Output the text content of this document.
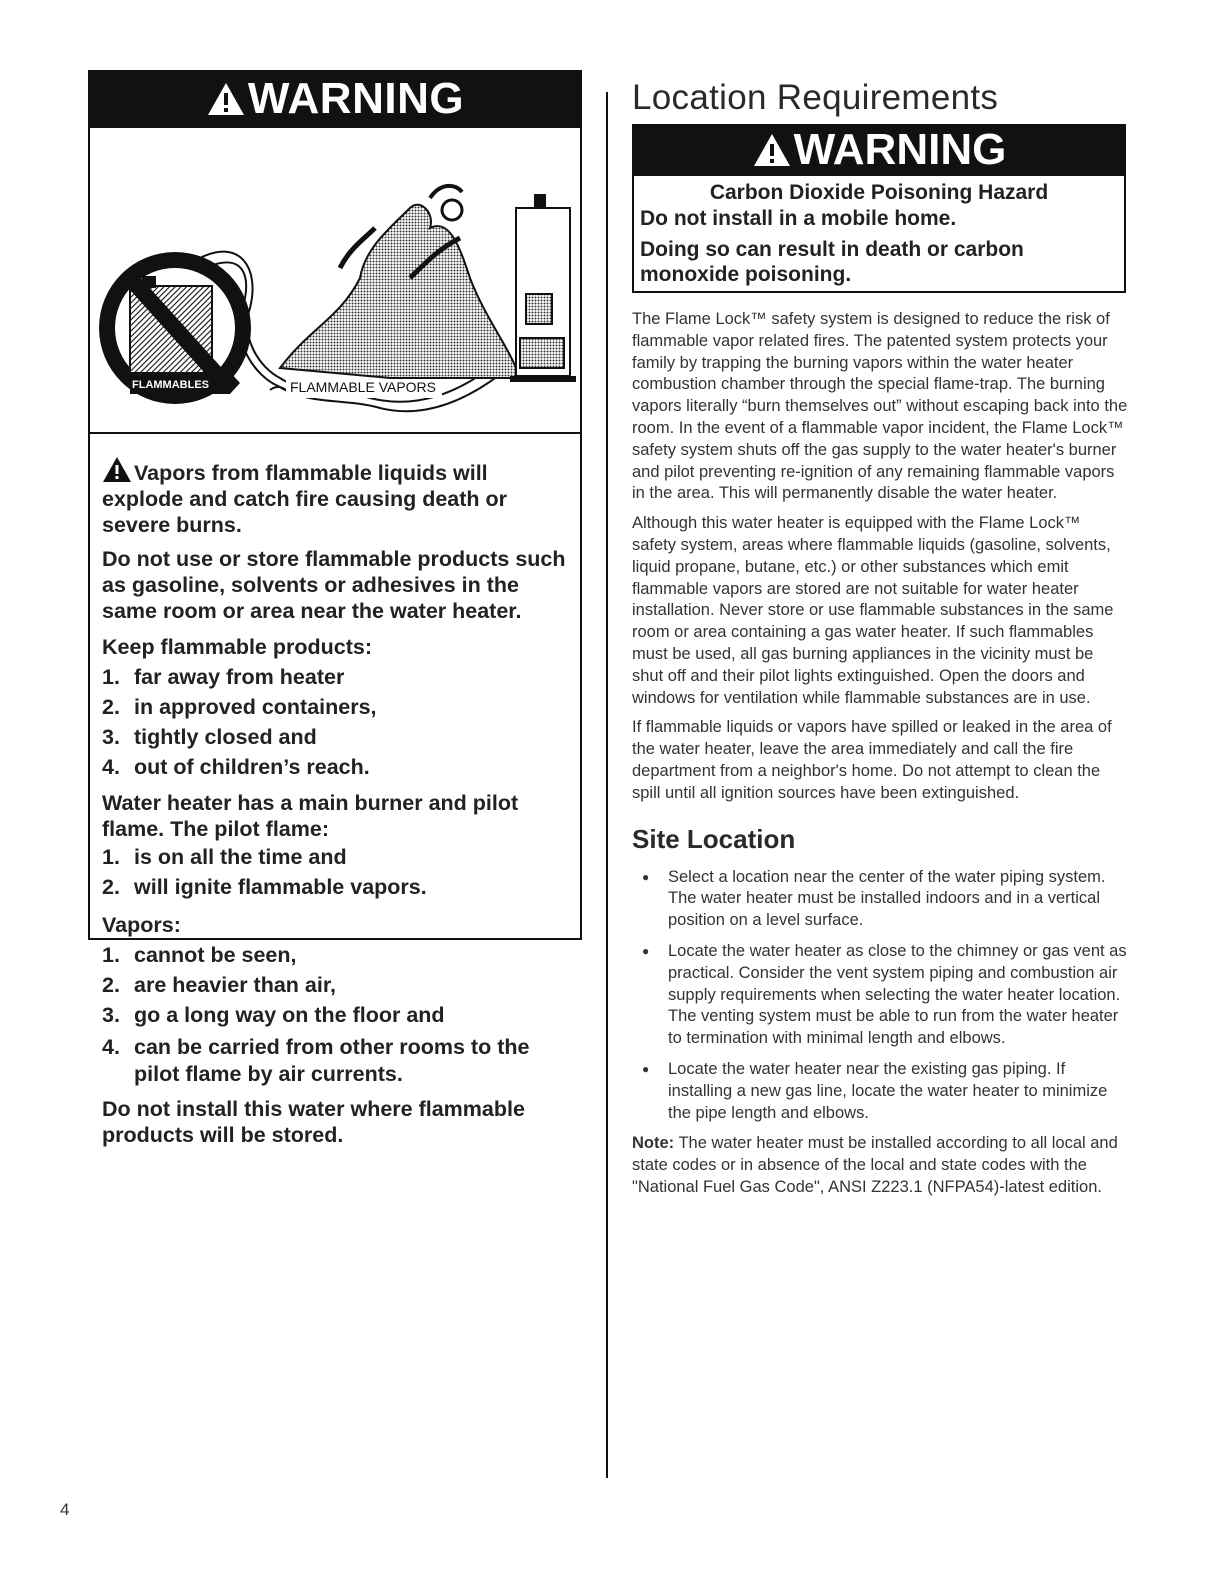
WARNING
FLAMMABLES	FLAMMABLE VAPORS

Vapors from flammable liquids will explode and catch fire causing death or severe burns.

Do not use or store flammable products such as gasoline, solvents or adhesives in the same room or area near the water heater.

Keep flammable products:
1. far away from heater
2. in approved containers,
3. tightly closed and
4. out of children’s reach.
Water heater has a main burner and pilot flame. The pilot flame:
1. is on all the time and
2. will ignite flammable vapors.
Vapors:
1. cannot be seen,
2. are heavier than air,
3. go a long way on the floor and
4. can be carried from other rooms to the pilot flame by air currents.

Do not install this water where flammable products will be stored.

Location Requirements
WARNING
Carbon Dioxide Poisoning Hazard
Do not install in a mobile home.
Doing so can result in death or carbon monoxide poisoning.

The Flame Lock™ safety system is designed to reduce the risk of flammable vapor related fires. The patented system protects your family by trapping the burning vapors within the water heater combustion chamber through the special flame-trap. The burning vapors literally “burn themselves out” without escaping back into the room. In the event of a flammable vapor incident, the Flame Lock™ safety system shuts off the gas supply to the water heater's burner and pilot preventing re-ignition of any remaining flammable vapors in the area. This will permanently disable the water heater.

Although this water heater is equipped with the Flame Lock™ safety system, areas where flammable liquids (gasoline, solvents, liquid propane, butane, etc.) or other substances which emit flammable vapors are stored are not suitable for water heater installation. Never store or use flammable substances in the same room or area containing a gas water heater. If such flammables must be used, all gas burning appliances in the vicinity must be shut off and their pilot lights extinguished. Open the doors and windows for ventilation while flammable substances are in use.

If flammable liquids or vapors have spilled or leaked in the area of the water heater, leave the area immediately and call the fire department from a neighbor's home. Do not attempt to clean the spill until all ignition sources have been extinguished.

Site Location
●	Select a location near the center of the water piping system. The water heater must be installed indoors and in a vertical position on a level surface.
●	Locate the water heater as close to the chimney or gas vent as practical. Consider the vent system piping and combustion air supply requirements when selecting the water heater location. The venting system must be able to run from the water heater to termination with minimal length and elbows.
●	Locate the water heater near the existing gas piping. If installing a new gas line, locate the water heater to minimize the pipe length and elbows.

Note: The water heater must be installed according to all local and state codes or in absence of the local and state codes with the "National Fuel Gas Code", ANSI Z223.1 (NFPA54)-latest edition.

4
